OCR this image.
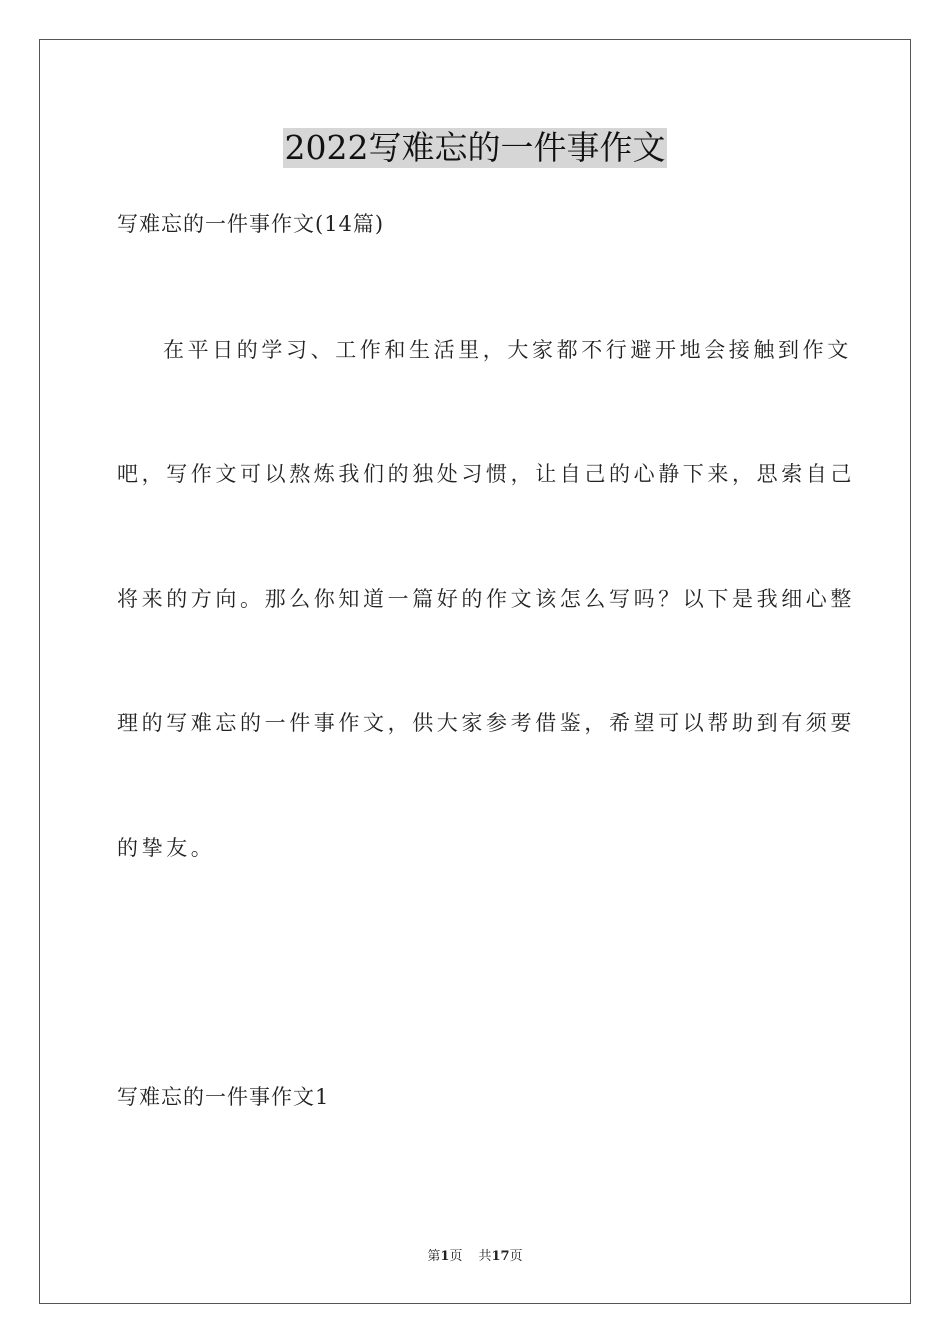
2022写难忘的一件事作文
写难忘的一件事作文(14篇)
在平日的学习、工作和生活里，大家都不行避开地会接触到作文
吧，写作文可以熬炼我们的独处习惯，让自己的心静下来，思索自己
将来的方向。那么你知道一篇好的作文该怎么写吗？以下是我细心整
理的写难忘的一件事作文，供大家参考借鉴，希望可以帮助到有须要
的挚友。
写难忘的一件事作文1
第1页 共17页
